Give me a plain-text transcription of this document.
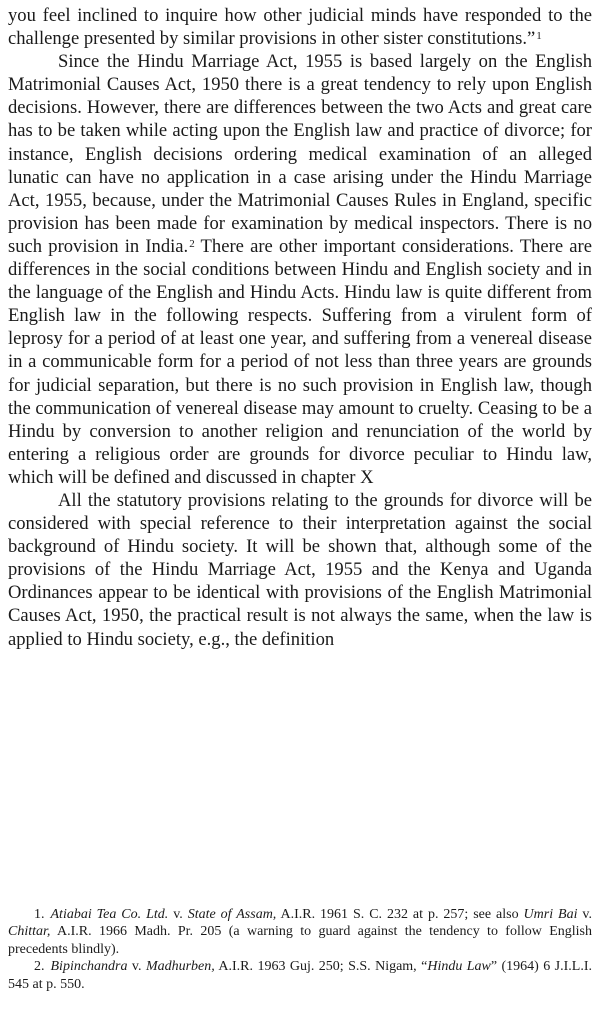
you feel inclined to inquire how other judicial minds have responded to the challenge presented by similar provisions in other sister constitutions.”$^1$

Since the Hindu Marriage Act, 1955 is based largely on the English Matrimonial Causes Act, 1950 there is a great tendency to rely upon English decisions. However, there are differences between the two Acts and great care has to be taken while acting upon the English law and practice of divorce; for instance, English decisions ordering medical examination of an alleged lunatic can have no application in a case arising under the Hindu Marriage Act, 1955, because, under the Matrimonial Causes Rules in England, specific provision has been made for examination by medical inspectors. There is no such provision in India.$^2$ There are other important considerations. There are differences in the social conditions between Hindu and English society and in the language of the English and Hindu Acts. Hindu law is quite different from English law in the following respects. Suffering from a virulent form of leprosy for a period of at least one year, and suffering from a venereal disease in a communicable form for a period of not less than three years are grounds for judicial separation, but there is no such provision in English law, though the communication of venereal disease may amount to cruelty. Ceasing to be a Hindu by conversion to another religion and renunciation of the world by entering a religious order are grounds for divorce peculiar to Hindu law, which will be defined and discussed in chapter X

All the statutory provisions relating to the grounds for divorce will be considered with special reference to their interpretation against the social background of Hindu society. It will be shown that, although some of the provisions of the Hindu Marriage Act, 1955 and the Kenya and Uganda Ordinances appear to be identical with provisions of the English Matrimonial Causes Act, 1950, the practical result is not always the same, when the law is applied to Hindu society, e.g., the definition

1. Atiabai Tea Co. Ltd. v. State of Assam, A.I.R. 1961 S. C. 232 at p. 257; see also Umri Bai v. Chittar, A.I.R. 1966 Madh. Pr. 205 (a warning to guard against the tendency to follow English precedents blindly).

2. Bipinchandra v. Madhurben, A.I.R. 1963 Guj. 250; S.S. Nigam, “Hindu Law” (1964) 6 J.I.L.I. 545 at p. 550.
